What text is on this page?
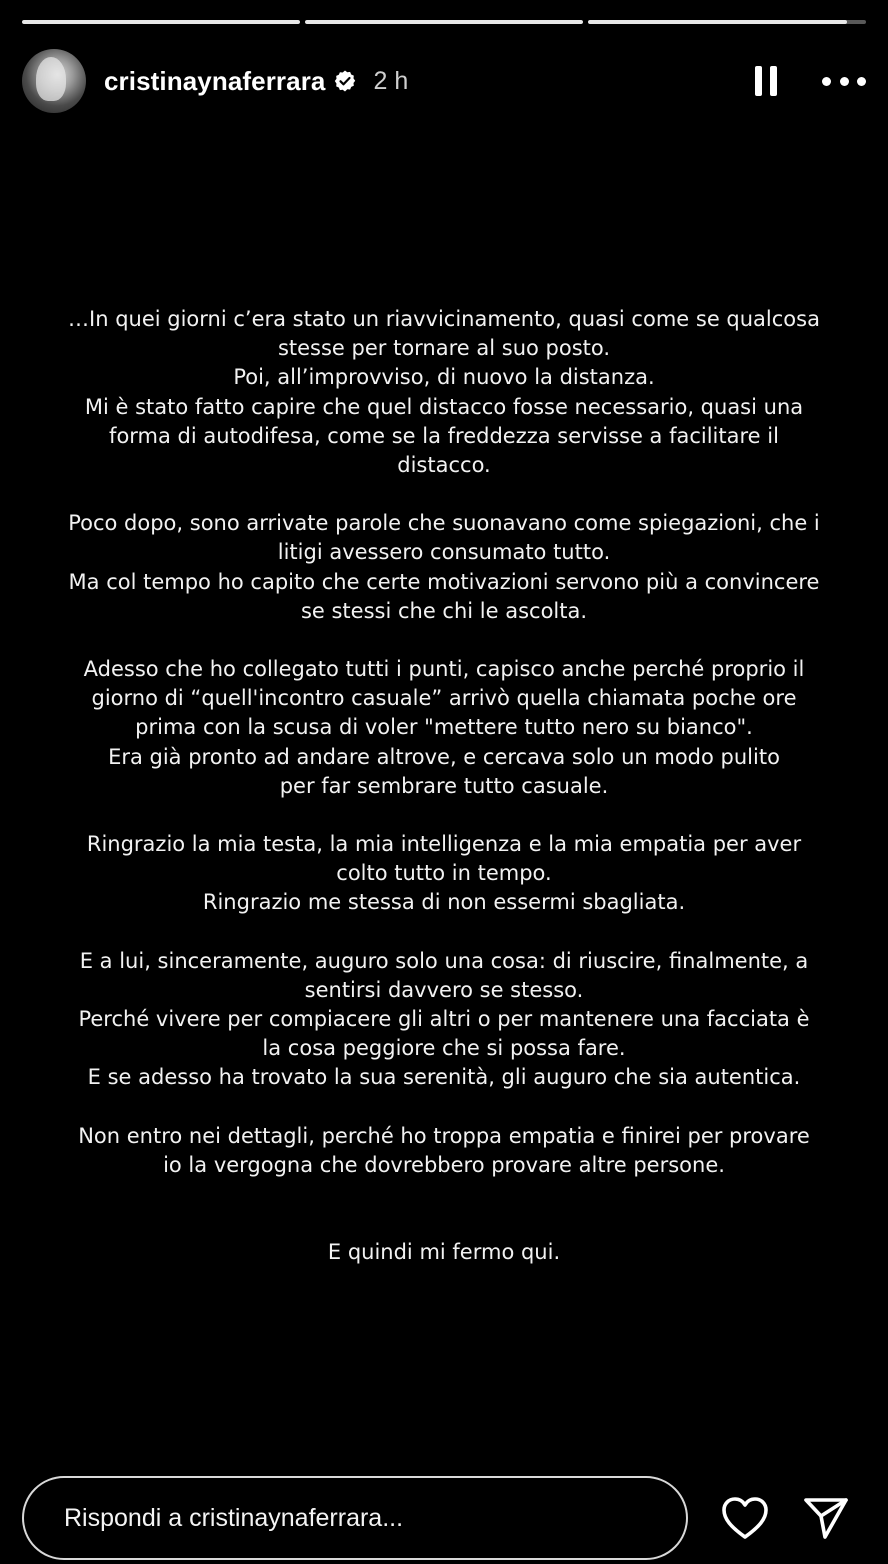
cristinaynaferrara 2 h
…In quei giorni c’era stato un riavvicinamento, quasi come se qualcosa
stesse per tornare al suo posto.
Poi, all’improvviso, di nuovo la distanza.
Mi è stato fatto capire che quel distacco fosse necessario, quasi una
forma di autodifesa, come se la freddezza servisse a facilitare il
distacco.
Poco dopo, sono arrivate parole che suonavano come spiegazioni, che i
litigi avessero consumato tutto.
Ma col tempo ho capito che certe motivazioni servono più a convincere
se stessi che chi le ascolta.
Adesso che ho collegato tutti i punti, capisco anche perché proprio il
giorno di “quell'incontro casuale” arrivò quella chiamata poche ore
prima con la scusa di voler "mettere tutto nero su bianco".
Era già pronto ad andare altrove, e cercava solo un modo pulito
per far sembrare tutto casuale.
Ringrazio la mia testa, la mia intelligenza e la mia empatia per aver
colto tutto in tempo.
Ringrazio me stessa di non essermi sbagliata.
E a lui, sinceramente, auguro solo una cosa: di riuscire, finalmente, a
sentirsi davvero se stesso.
Perché vivere per compiacere gli altri o per mantenere una facciata è
la cosa peggiore che si possa fare.
E se adesso ha trovato la sua serenità, gli auguro che sia autentica.
Non entro nei dettagli, perché ho troppa empatia e finirei per provare
io la vergogna che dovrebbero provare altre persone.
E quindi mi fermo qui.
Rispondi a cristinaynaferrara...
